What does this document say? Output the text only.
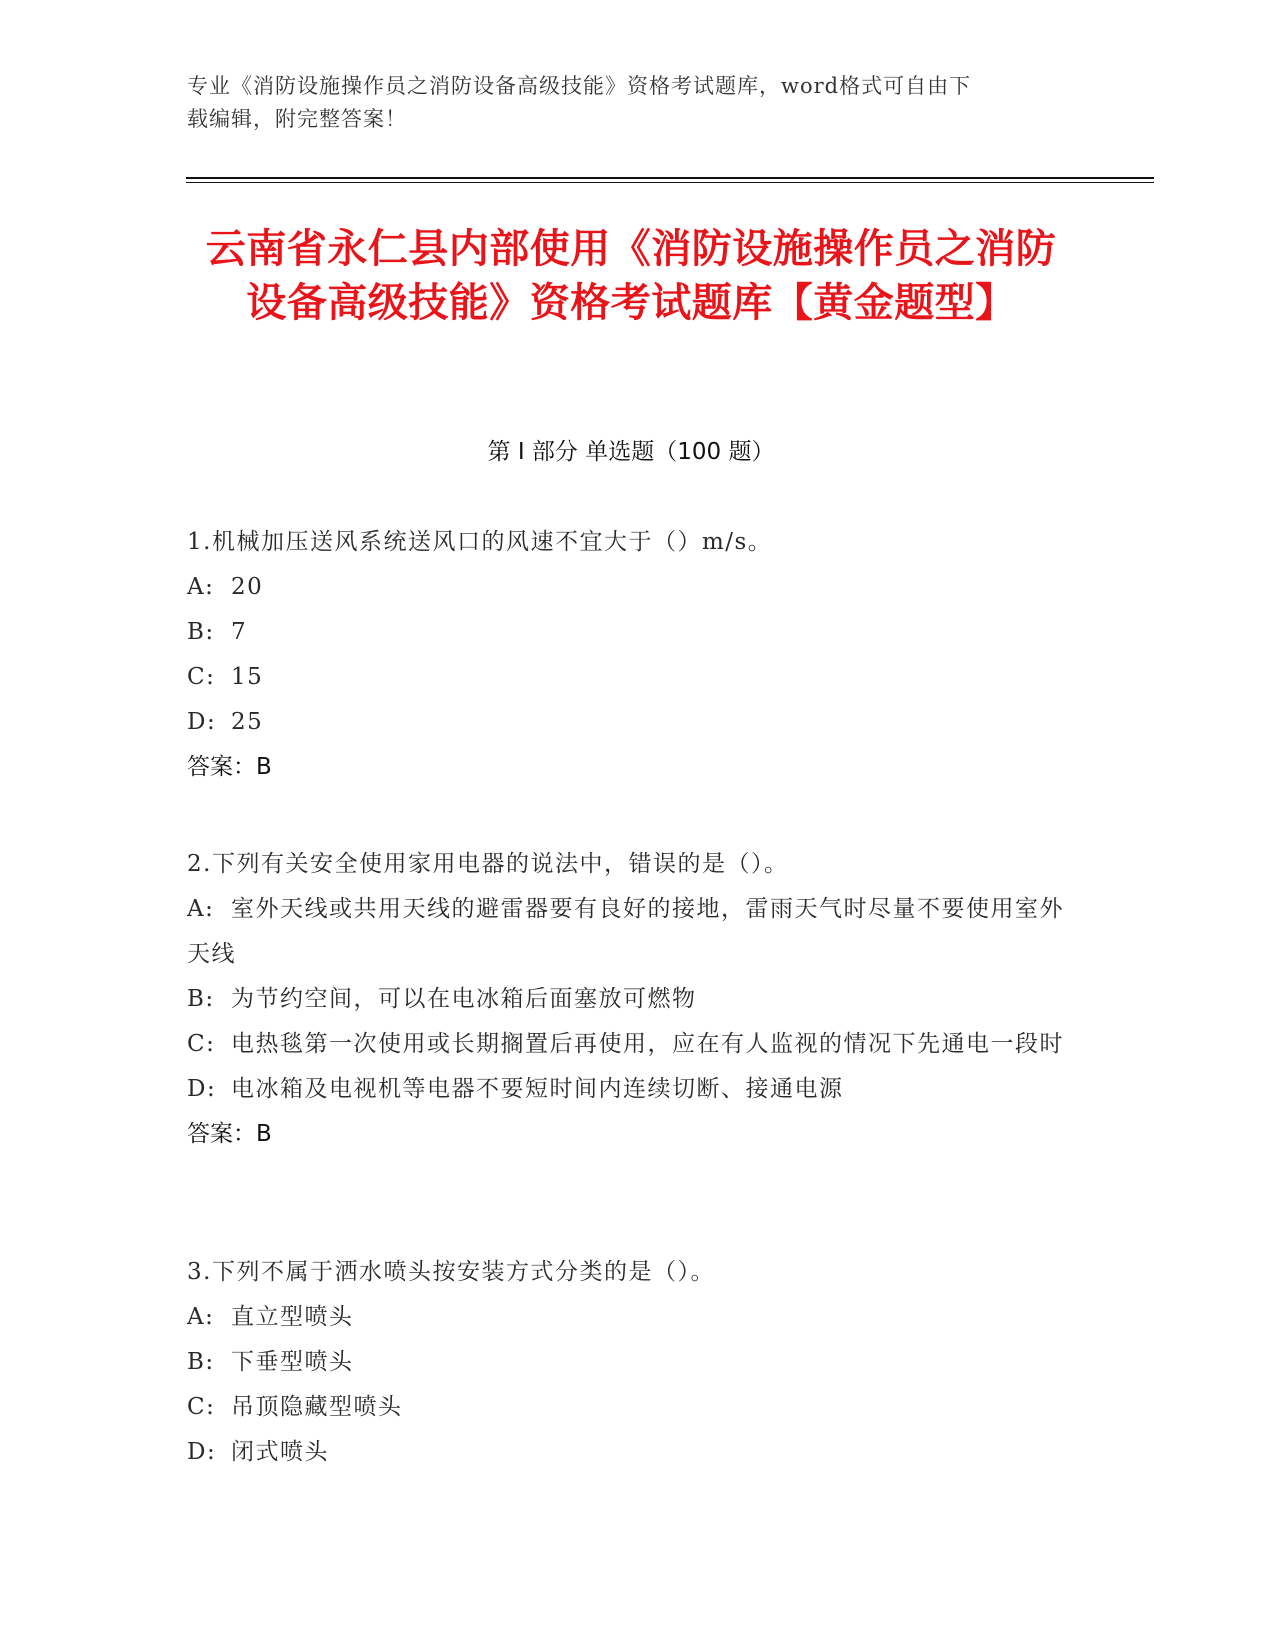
专业《消防设施操作员之消防设备高级技能》资格考试题库，word格式可自由下
载编辑，附完整答案！
云南省永仁县内部使用《消防设施操作员之消防设备高级技能》资格考试题库【黄金题型】
第 I 部分 单选题（100 题）
1.机械加压送风系统送风口的风速不宜大于（）m/s。
A: 20
B: 7
C: 15
D: 25
答案：B
2.下列有关安全使用家用电器的说法中，错误的是（）。
A: 室外天线或共用天线的避雷器要有良好的接地，雷雨天气时尽量不要使用室外天线
B: 为节约空间，可以在电冰箱后面塞放可燃物
C: 电热毯第一次使用或长期搁置后再使用，应在有人监视的情况下先通电一段时
D: 电冰箱及电视机等电器不要短时间内连续切断、接通电源
答案：B
3.下列不属于洒水喷头按安装方式分类的是（）。
A: 直立型喷头
B: 下垂型喷头
C: 吊顶隐藏型喷头
D: 闭式喷头
